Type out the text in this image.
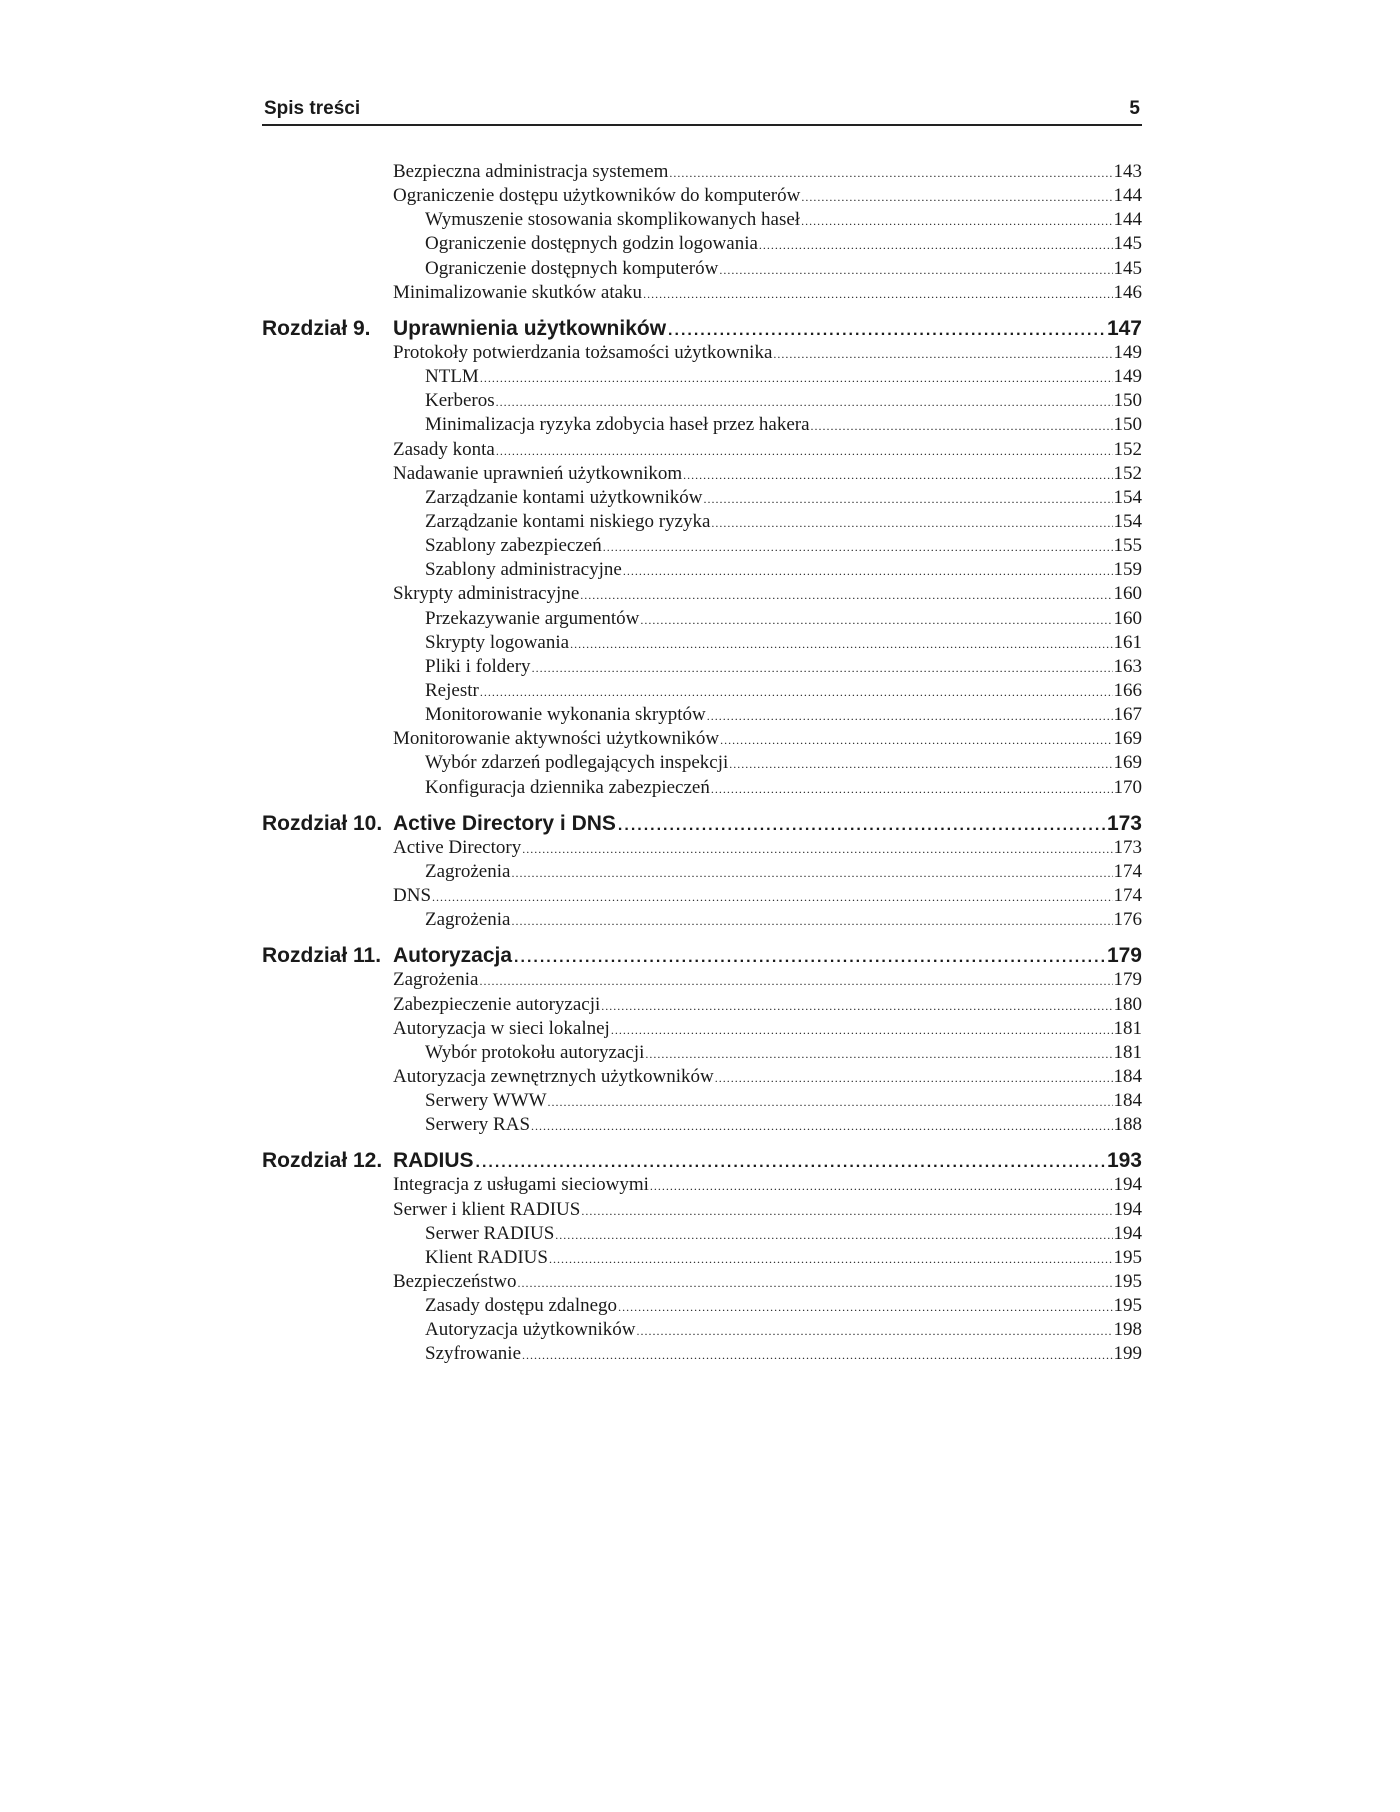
Spis treści	5
Bezpieczna administracja systemem .....	143
Ograniczenie dostępu użytkowników do komputerów .....	144
Wymuszenie stosowania skomplikowanych haseł .....	144
Ograniczenie dostępnych godzin logowania .....	145
Ograniczenie dostępnych komputerów .....	145
Minimalizowanie skutków ataku .....	146
Rozdział 9.	Uprawnienia użytkowników .....	147
Protokoły potwierdzania tożsamości użytkownika .....	149
NTLM .....	149
Kerberos .....	150
Minimalizacja ryzyka zdobycia haseł przez hakera .....	150
Zasady konta .....	152
Nadawanie uprawnień użytkownikom .....	152
Zarządzanie kontami użytkowników .....	154
Zarządzanie kontami niskiego ryzyka .....	154
Szablony zabezpieczeń .....	155
Szablony administracyjne .....	159
Skrypty administracyjne .....	160
Przekazywanie argumentów .....	160
Skrypty logowania .....	161
Pliki i foldery .....	163
Rejestr .....	166
Monitorowanie wykonania skryptów .....	167
Monitorowanie aktywności użytkowników .....	169
Wybór zdarzeń podlegających inspekcji .....	169
Konfiguracja dziennika zabezpieczeń .....	170
Rozdział 10. Active Directory i DNS .....	173
Active Directory .....	173
Zagrożenia .....	174
DNS .....	174
Zagrożenia .....	176
Rozdział 11. Autoryzacja .....	179
Zagrożenia .....	179
Zabezpieczenie autoryzacji .....	180
Autoryzacja w sieci lokalnej .....	181
Wybór protokołu autoryzacji .....	181
Autoryzacja zewnętrznych użytkowników .....	184
Serwery WWW .....	184
Serwery RAS .....	188
Rozdział 12. RADIUS .....	193
Integracja z usługami sieciowymi .....	194
Serwer i klient RADIUS .....	194
Serwer RADIUS .....	194
Klient RADIUS .....	195
Bezpieczeństwo .....	195
Zasady dostępu zdalnego .....	195
Autoryzacja użytkowników .....	198
Szyfrowanie .....	199
